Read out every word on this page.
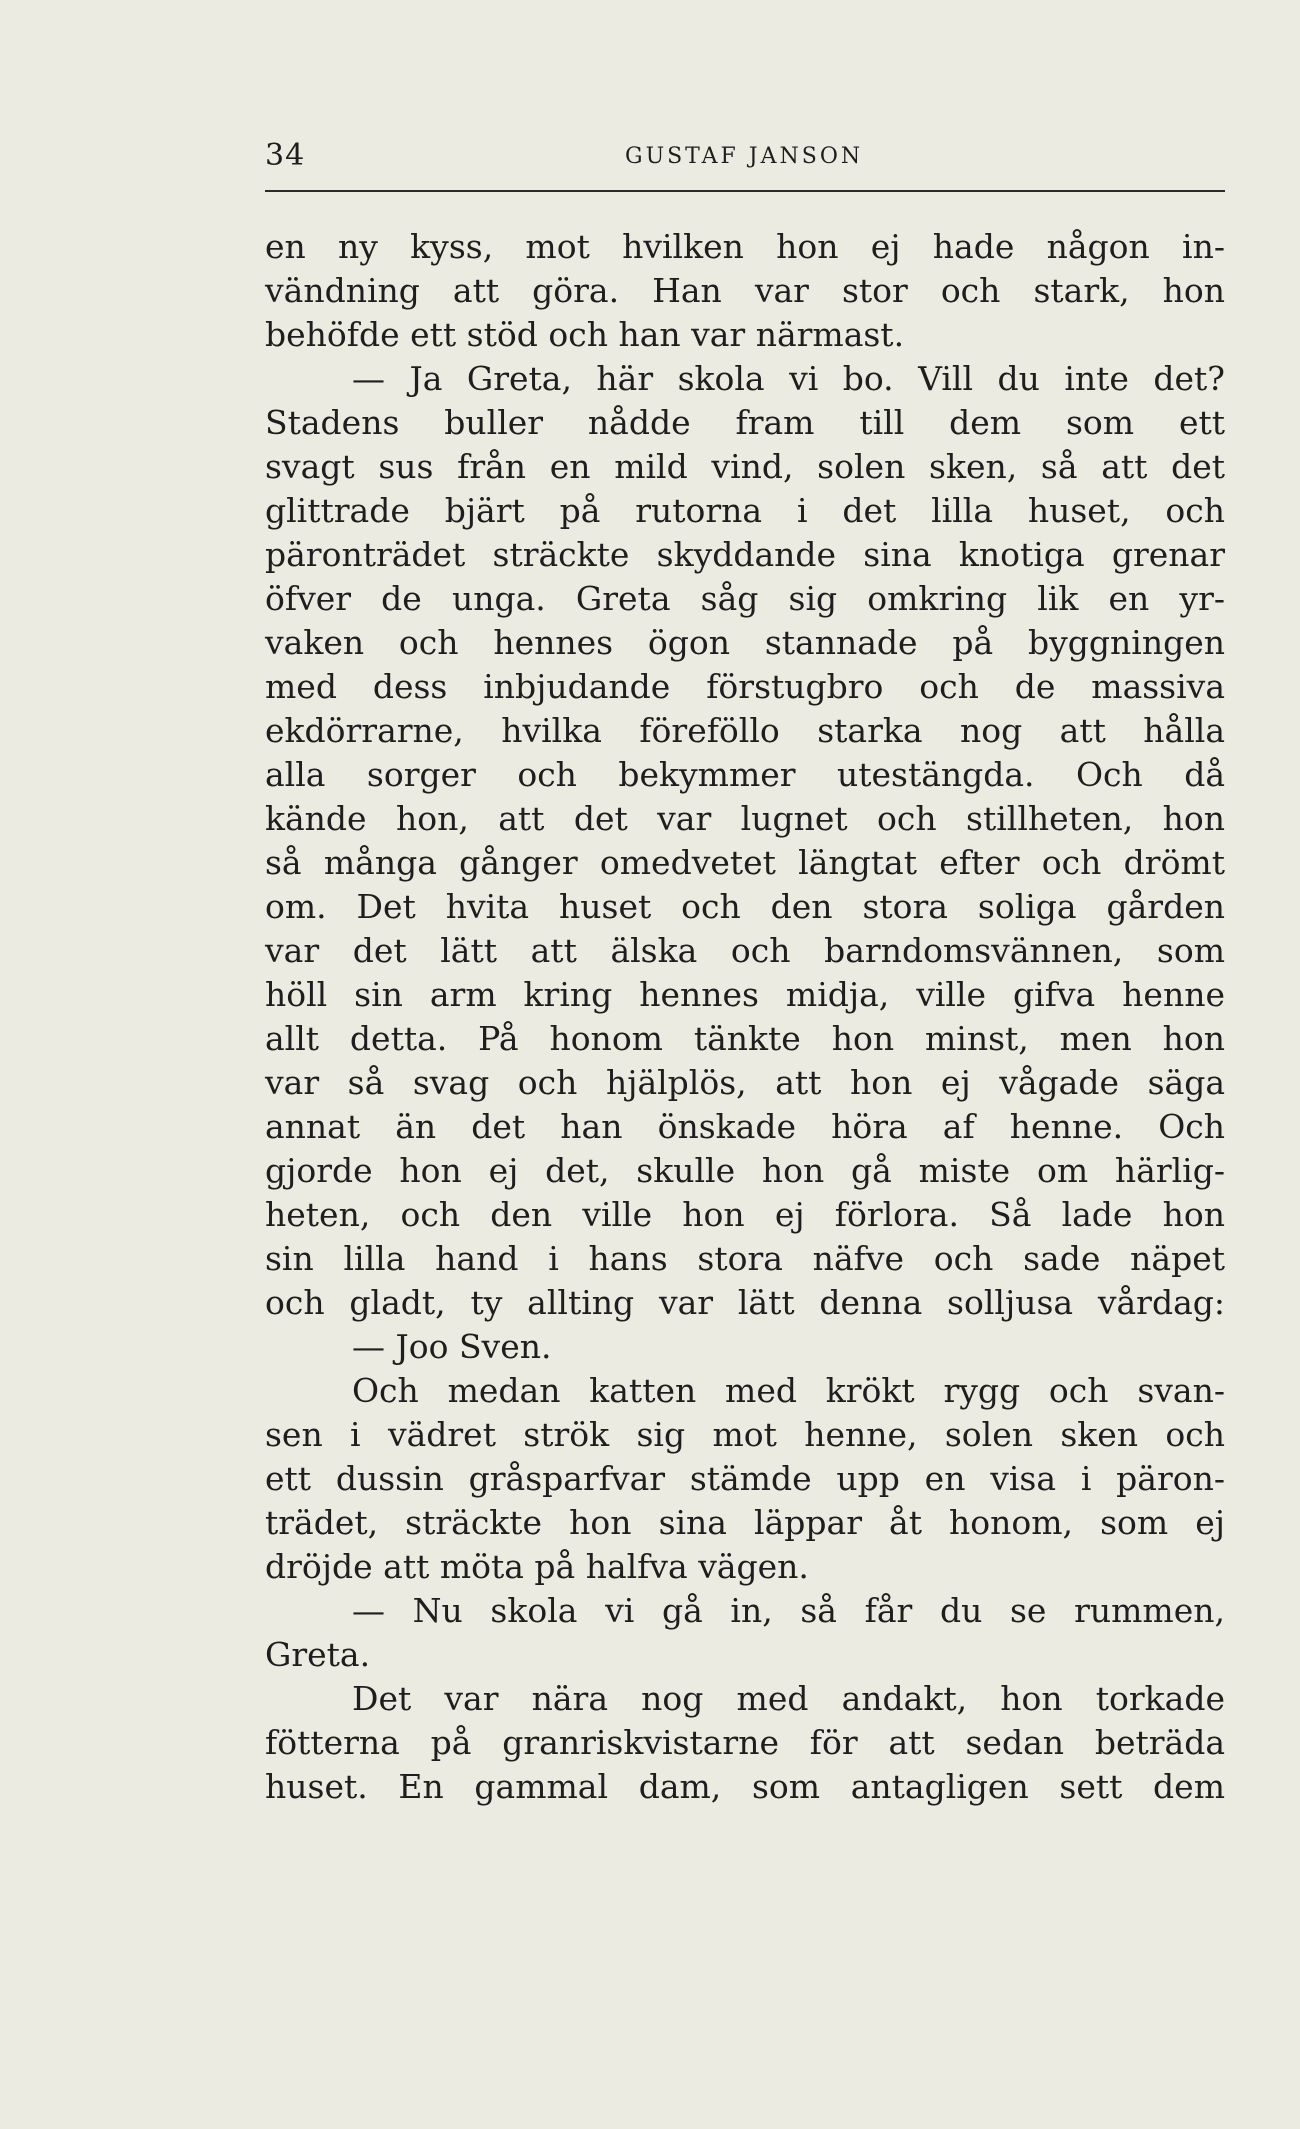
34	GUSTAF JANSON
en ny kyss, mot hvilken hon ej hade någon in-
vändning att göra. Han var stor och stark, hon
behöfde ett stöd och han var närmast.
— Ja Greta, här skola vi bo. Vill du inte det?
Stadens buller nådde fram till dem som ett
svagt sus från en mild vind, solen sken, så att det
glittrade bjärt på rutorna i det lilla huset, och
päronträdet sträckte skyddande sina knotiga grenar
öfver de unga. Greta såg sig omkring lik en yr-
vaken och hennes ögon stannade på byggningen
med dess inbjudande förstugbro och de massiva
ekdörrarne, hvilka föreföllo starka nog att hålla
alla sorger och bekymmer utestängda. Och då
kände hon, att det var lugnet och stillheten, hon
så många gånger omedvetet längtat efter och drömt
om. Det hvita huset och den stora soliga gården
var det lätt att älska och barndomsvännen, som
höll sin arm kring hennes midja, ville gifva henne
allt detta. På honom tänkte hon minst, men hon
var så svag och hjälplös, att hon ej vågade säga
annat än det han önskade höra af henne. Och
gjorde hon ej det, skulle hon gå miste om härlig-
heten, och den ville hon ej förlora. Så lade hon
sin lilla hand i hans stora näfve och sade näpet
och gladt, ty allting var lätt denna solljusa vårdag:
— Joo Sven.
Och medan katten med krökt rygg och svan-
sen i vädret strök sig mot henne, solen sken och
ett dussin gråsparfvar stämde upp en visa i päron-
trädet, sträckte hon sina läppar åt honom, som ej
dröjde att möta på halfva vägen.
— Nu skola vi gå in, så får du se rummen,
Greta.
Det var nära nog med andakt, hon torkade
fötterna på granriskvistarne för att sedan beträda
huset. En gammal dam, som antagligen sett dem
